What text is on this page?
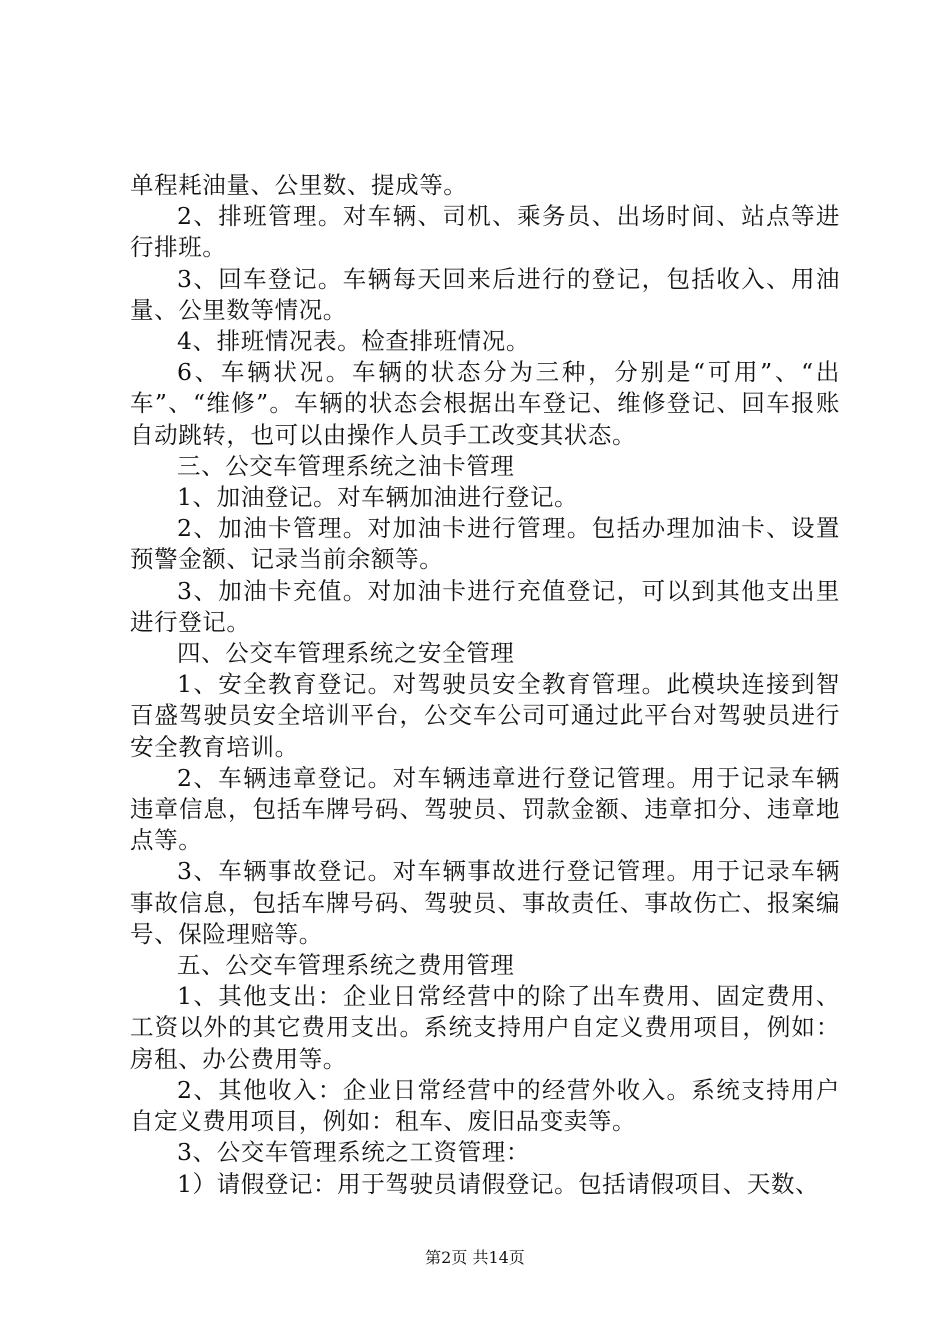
单程耗油量、公里数、提成等。

2、排班管理。对车辆、司机、乘务员、出场时间、站点等进行排班。

3、回车登记。车辆每天回来后进行的登记，包括收入、用油量、公里数等情况。

4、排班情况表。检查排班情况。

6、车辆状况。车辆的状态分为三种，分别是“可用”、“出车”、“维修”。车辆的状态会根据出车登记、维修登记、回车报账自动跳转，也可以由操作人员手工改变其状态。

三、公交车管理系统之油卡管理

1、加油登记。对车辆加油进行登记。

2、加油卡管理。对加油卡进行管理。包括办理加油卡、设置预警金额、记录当前余额等。

3、加油卡充值。对加油卡进行充值登记，可以到其他支出里进行登记。

四、公交车管理系统之安全管理

1、安全教育登记。对驾驶员安全教育管理。此模块连接到智百盛驾驶员安全培训平台，公交车公司可通过此平台对驾驶员进行安全教育培训。

2、车辆违章登记。对车辆违章进行登记管理。用于记录车辆违章信息，包括车牌号码、驾驶员、罚款金额、违章扣分、违章地点等。

3、车辆事故登记。对车辆事故进行登记管理。用于记录车辆事故信息，包括车牌号码、驾驶员、事故责任、事故伤亡、报案编号、保险理赔等。

五、公交车管理系统之费用管理

1、其他支出：企业日常经营中的除了出车费用、固定费用、工资以外的其它费用支出。系统支持用户自定义费用项目，例如：房租、办公费用等。

2、其他收入：企业日常经营中的经营外收入。系统支持用户自定义费用项目，例如：租车、废旧品变卖等。

3、公交车管理系统之工资管理：

1）请假登记：用于驾驶员请假登记。包括请假项目、天数、

第2页 共14页
